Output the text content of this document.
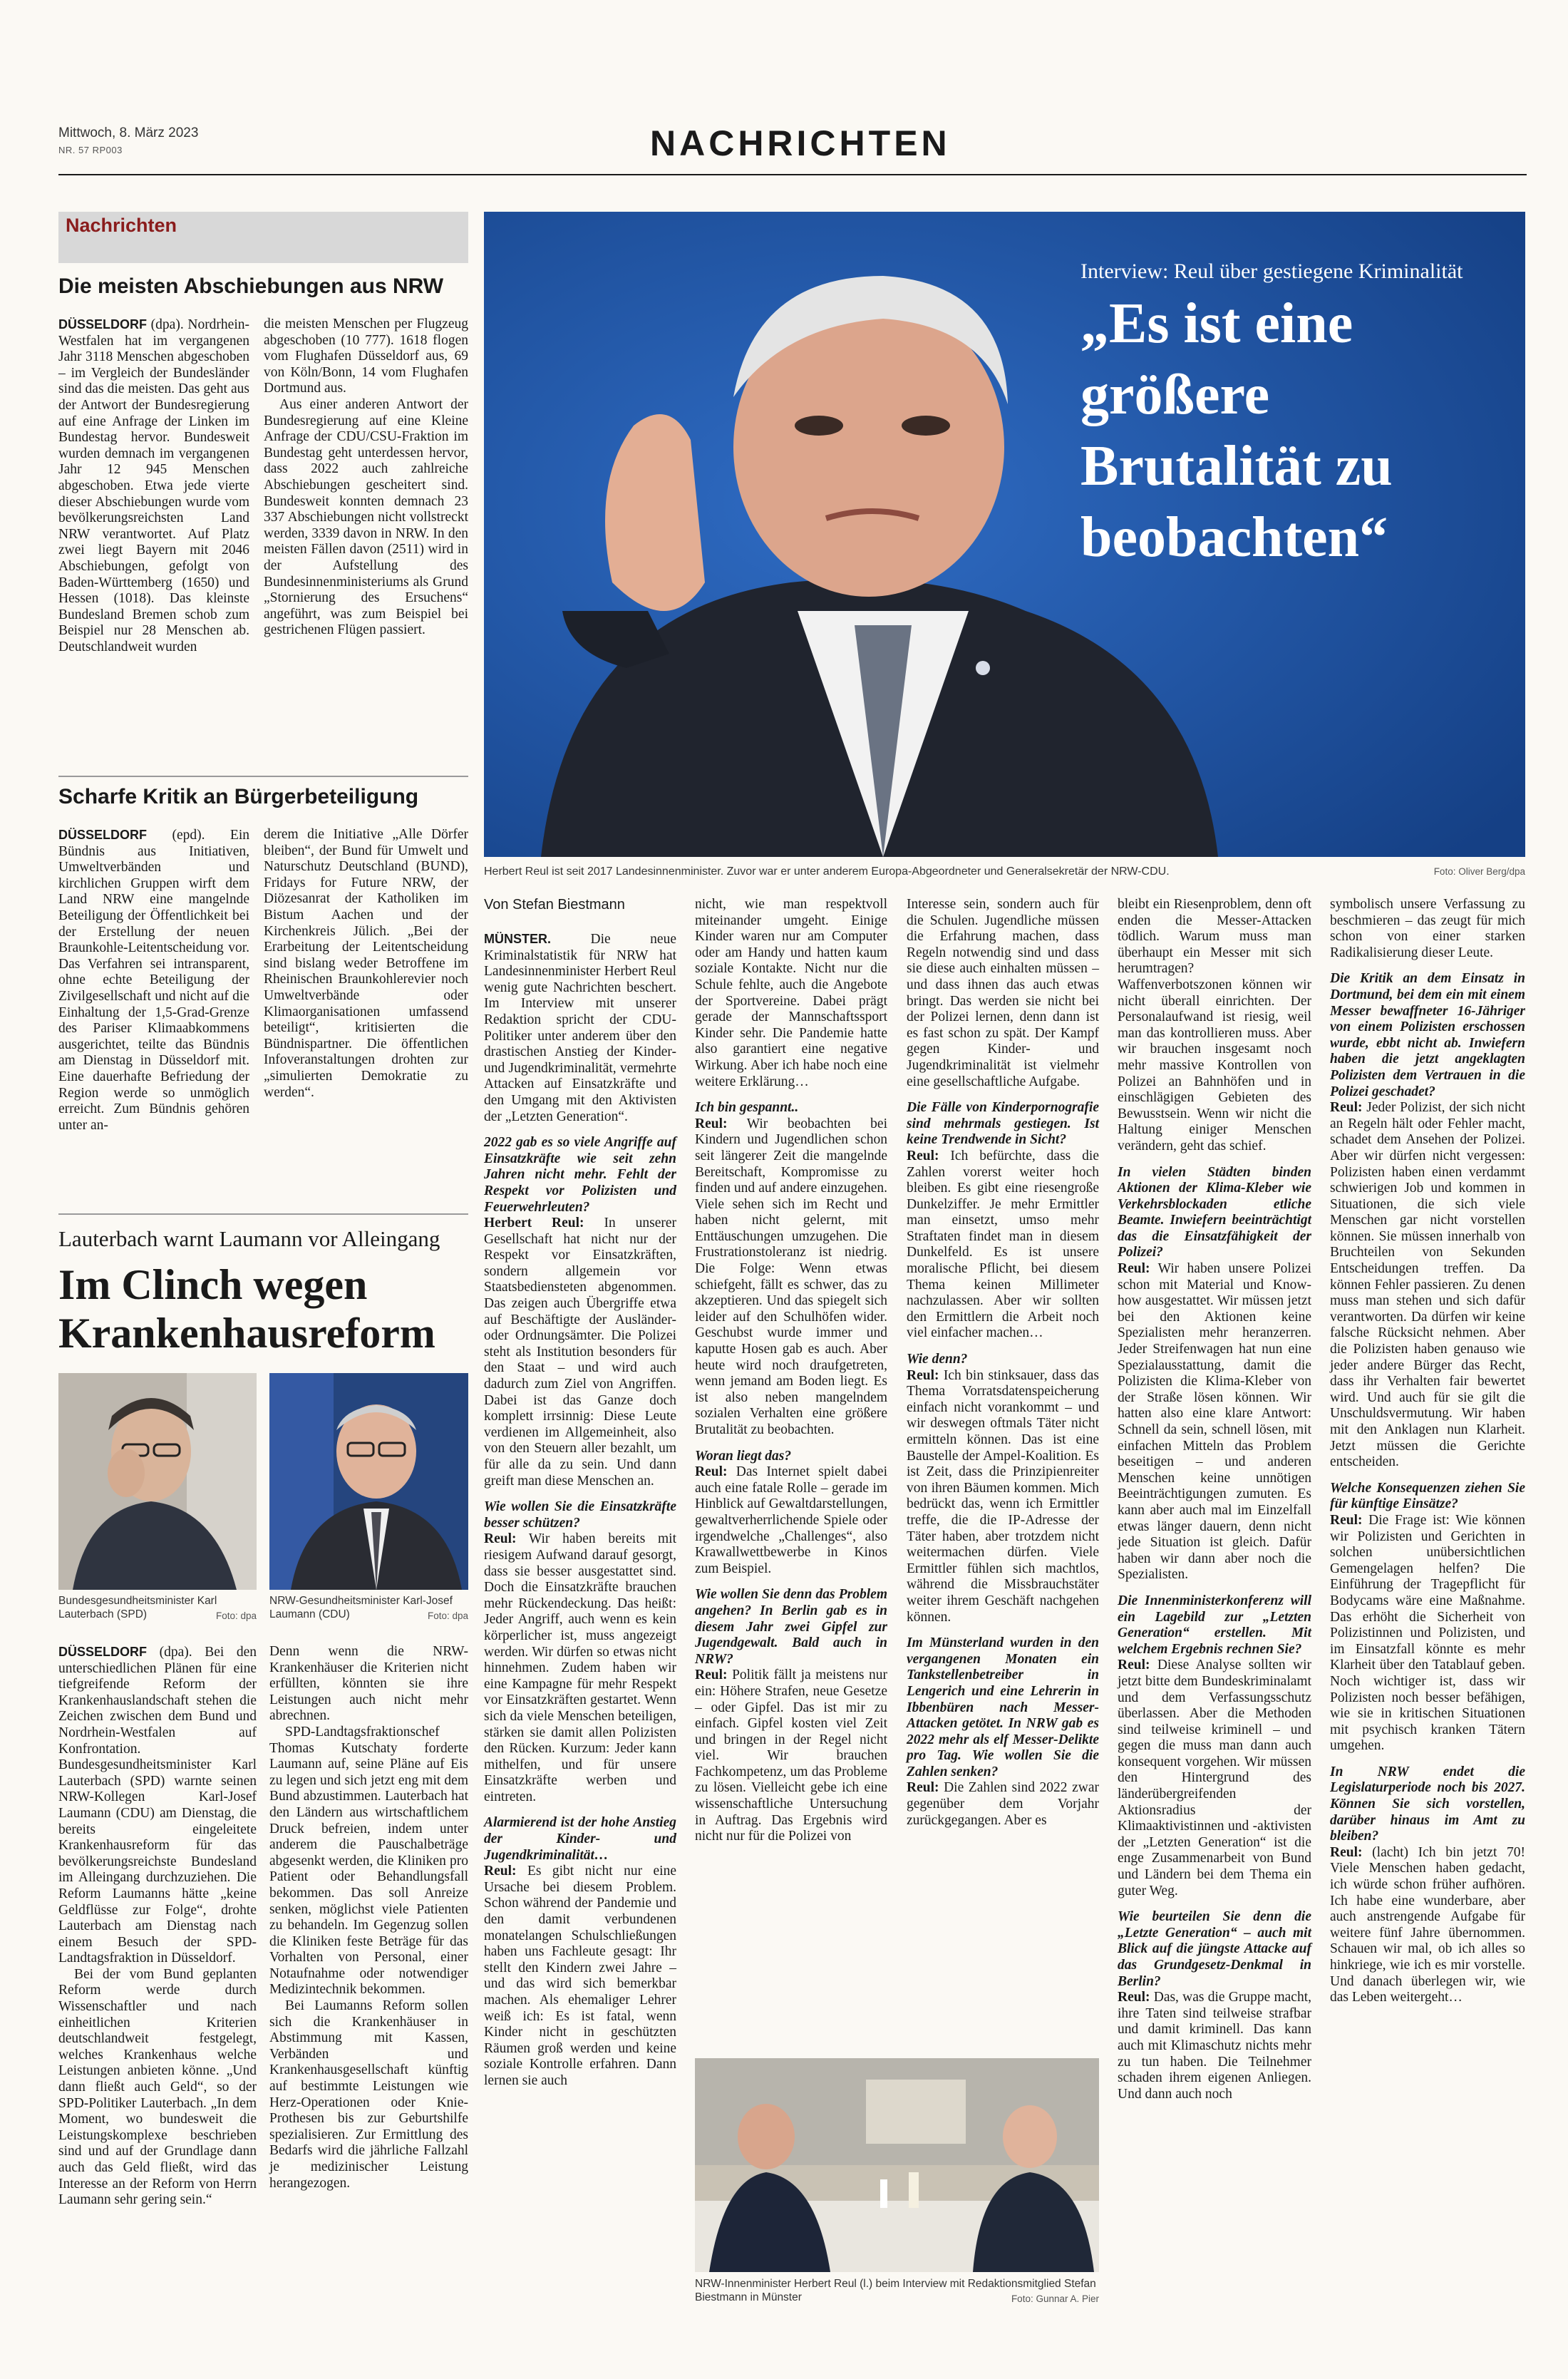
Mittwoch, 8. März 2023
NR. 57 RP003	NACHRICHTEN
Nachrichten
Die meisten Abschiebungen aus NRW

DÜSSELDORF (dpa). Nordrhein-Westfalen hat im vergangenen Jahr 3118 Menschen abgeschoben – im Vergleich der Bundesländer sind das die meisten. Das geht aus der Antwort der Bundesregierung auf eine Anfrage der Linken im Bundestag hervor. Bundesweit wurden demnach im vergangenen Jahr 12 945 Menschen abgeschoben. Etwa jede vierte dieser Abschiebungen wurde vom bevölkerungsreichsten Land NRW verantwortet. Auf Platz zwei liegt Bayern mit 2046 Abschiebungen, gefolgt von Baden-Württemberg (1650) und Hessen (1018). Das kleinste Bundesland Bremen schob zum Beispiel nur 28 Menschen ab. Deutschlandweit wurden

die meisten Menschen per Flugzeug abgeschoben (10 777). 1618 flogen vom Flughafen Düsseldorf aus, 69 von Köln/Bonn, 14 vom Flughafen Dortmund aus.

Aus einer anderen Antwort der Bundesregierung auf eine Kleine Anfrage der CDU/CSU-Fraktion im Bundestag geht unterdessen hervor, dass 2022 auch zahlreiche Abschiebungen gescheitert sind. Bundesweit konnten demnach 23 337 Abschiebungen nicht vollstreckt werden, 3339 davon in NRW. In den meisten Fällen davon (2511) wird in der Aufstellung des Bundesinnenministeriums als Grund „Stornierung des Ersuchens“ angeführt, was zum Beispiel bei gestrichenen Flügen passiert.

Scharfe Kritik an Bürgerbeteiligung

DÜSSELDORF (epd). Ein Bündnis aus Initiativen, Umweltverbänden und kirchlichen Gruppen wirft dem Land NRW eine mangelnde Beteiligung der Öffentlichkeit bei der Erstellung der neuen Braunkohle-Leitentscheidung vor. Das Verfahren sei intransparent, ohne echte Beteiligung der Zivilgesellschaft und nicht auf die Einhaltung der 1,5-Grad-Grenze des Pariser Klimaabkommens ausgerichtet, teilte das Bündnis am Dienstag in Düsseldorf mit. Eine dauerhafte Befriedung der Region werde so unmöglich erreicht. Zum Bündnis gehören unter an-

derem die Initiative „Alle Dörfer bleiben“, der Bund für Umwelt und Naturschutz Deutschland (BUND), Fridays for Future NRW, der Diözesanrat der Katholiken im Bistum Aachen und der Kirchenkreis Jülich. „Bei der Erarbeitung der Leitentscheidung sind bislang weder Betroffene im Rheinischen Braunkohlerevier noch Umweltverbände oder Klimaorganisationen umfassend beteiligt“, kritisierten die Bündnispartner. Die öffentlichen Infoveranstaltungen drohten zur „simulierten Demokratie zu werden“.

Lauterbach warnt Laumann vor Alleingang
Im Clinch wegen Krankenhausreform
Bundesgesundheitsminister Karl Lauterbach (SPD)	Foto: dpa
NRW-Gesundheitsminister Karl-Josef Laumann (CDU)	Foto: dpa

DÜSSELDORF (dpa). Bei den unterschiedlichen Plänen für eine tiefgreifende Reform der Krankenhauslandschaft stehen die Zeichen zwischen dem Bund und Nordrhein-Westfalen auf Konfrontation. Bundesgesundheitsminister Karl Lauterbach (SPD) warnte seinen NRW-Kollegen Karl-Josef Laumann (CDU) am Dienstag, die bereits eingeleitete Krankenhausreform für das bevölkerungsreichste Bundesland im Alleingang durchzuziehen. Die Reform Laumanns hätte „keine Geldflüsse zur Folge“, drohte Lauterbach am Dienstag nach einem Besuch der SPD-Landtagsfraktion in Düsseldorf.

Bei der vom Bund geplanten Reform werde durch Wissenschaftler und nach einheitlichen Kriterien deutschlandweit festgelegt, welches Krankenhaus welche Leistungen anbieten könne. „Und dann fließt auch Geld“, so der SPD-Politiker Lauterbach. „In dem Moment, wo bundesweit die Leistungskomplexe beschrieben sind und auf der Grundlage dann auch das Geld fließt, wird das Interesse an der Reform von Herrn Laumann sehr gering sein.“

Denn wenn die NRW-Krankenhäuser die Kriterien nicht erfüllten, könnten sie ihre Leistungen auch nicht mehr abrechnen.

SPD-Landtagsfraktionschef Thomas Kutschaty forderte Laumann auf, seine Pläne auf Eis zu legen und sich jetzt eng mit dem Bund abzustimmen. Lauterbach hat den Ländern aus wirtschaftlichem Druck befreien, indem unter anderem die Pauschalbeträge abgesenkt werden, die Kliniken pro Patient oder Behandlungsfall bekommen. Das soll Anreize senken, möglichst viele Patienten zu behandeln. Im Gegenzug sollen die Kliniken feste Beträge für das Vorhalten von Personal, einer Notaufnahme oder notwendiger Medizintechnik bekommen.

Bei Laumanns Reform sollen sich die Krankenhäuser in Abstimmung mit Kassen, Verbänden und Krankenhausgesellschaft künftig auf bestimmte Leistungen wie Herz-Operationen oder Knie-Prothesen bis zur Geburtshilfe spezialisieren. Zur Ermittlung des Bedarfs wird die jährliche Fallzahl je medizinischer Leistung herangezogen.

Interview: Reul über gestiegene Kriminalität
„Es ist eine größere Brutalität zu beobachten“
Herbert Reul ist seit 2017 Landesinnenminister. Zuvor war er unter anderem Europa-Abgeordneter und Generalsekretär der NRW-CDU.	Foto: Oliver Berg/dpa
Von Stefan Biestmann

MÜNSTER.	Die neue Kriminalstatistik für NRW hat Landesinnenminister Herbert Reul wenig gute Nachrichten beschert. Im Interview mit unserer Redaktion spricht der CDU-Politiker unter anderem über den drastischen Anstieg der Kinder- und Jugendkriminalität, vermehrte Attacken auf Einsatzkräfte und den Umgang mit den Aktivisten der „Letzten Generation“.

2022 gab es so viele Angriffe auf Einsatzkräfte wie seit zehn Jahren nicht mehr. Fehlt der Respekt vor Polizisten und Feuerwehrleuten?

Herbert Reul: In unserer Gesellschaft hat nicht nur der Respekt vor Einsatzkräften, sondern allgemein vor Staatsbediensteten abgenommen. Das zeigen auch Übergriffe etwa auf Beschäftigte der Ausländer- oder Ordnungsämter. Die Polizei steht als Institution besonders für den Staat – und wird auch dadurch zum Ziel von Angriffen. Dabei ist das Ganze doch komplett irrsinnig: Diese Leute verdienen im Allgemeinheit, also von den Steuern aller bezahlt, um für alle da zu sein. Und dann greift man diese Menschen an.

Wie wollen Sie die Einsatzkräfte besser schützen?

Reul: Wir haben bereits mit riesigem Aufwand darauf gesorgt, dass sie besser ausgestattet sind. Doch die Einsatzkräfte brauchen mehr Rückendeckung. Das heißt: Jeder Angriff, auch wenn es kein körperlicher ist, muss angezeigt werden. Wir dürfen so etwas nicht hinnehmen. Zudem haben wir eine Kampagne für mehr Respekt vor Einsatzkräften gestartet. Wenn sich da viele Menschen beteiligen, stärken sie damit allen Polizisten den Rücken. Kurzum: Jeder kann mithelfen, und für unsere Einsatzkräfte werben und eintreten.

Alarmierend ist der hohe Anstieg der Kinder- und Jugendkriminalität…

Reul: Es gibt nicht nur eine Ursache bei diesem Problem. Schon während der Pandemie und den damit verbundenen monatelangen Schulschließungen haben uns Fachleute gesagt: Ihr stellt den Kindern zwei Jahre – und das wird sich bemerkbar machen. Als ehemaliger Lehrer weiß ich: Es ist fatal, wenn Kinder nicht in geschützten Räumen groß werden und keine soziale Kontrolle erfahren. Dann lernen sie auch

nicht, wie man respektvoll miteinander umgeht. Einige Kinder waren nur am Computer oder am Handy und hatten kaum soziale Kontakte. Nicht nur die Schule fehlte, auch die Angebote der Sportvereine. Dabei prägt gerade der Mannschaftssport Kinder sehr. Die Pandemie hatte also garantiert eine negative Wirkung. Aber ich habe noch eine weitere Erklärung…

Ich bin gespannt..

Reul: Wir beobachten bei Kindern und Jugendlichen schon seit längerer Zeit die mangelnde Bereitschaft, Kompromisse zu finden und auf andere einzugehen. Viele sehen sich im Recht und haben nicht gelernt, mit Enttäuschungen umzugehen. Die Frustrationstoleranz ist niedrig. Die Folge: Wenn etwas schiefgeht, fällt es schwer, das zu akzeptieren. Und das spiegelt sich leider auf den Schulhöfen wider. Geschubst wurde immer und kaputte Hosen gab es auch. Aber heute wird noch draufgetreten, wenn jemand am Boden liegt. Es ist also neben mangelndem sozialen Verhalten eine größere Brutalität zu beobachten.

Woran liegt das?

Reul: Das Internet spielt dabei auch eine fatale Rolle – gerade im Hinblick auf Gewaltdarstellungen, gewaltverherrlichende Spiele oder irgendwelche „Challenges“, also Krawallwettbewerbe in Kinos zum Beispiel.

Wie wollen Sie denn das Problem angehen? In Berlin gab es in diesem Jahr zwei Gipfel zur Jugendgewalt. Bald auch in NRW?

Reul: Politik fällt ja meistens nur ein: Höhere Strafen, neue Gesetze – oder Gipfel. Das ist mir zu einfach. Gipfel kosten viel Zeit und bringen in der Regel nicht viel. Wir brauchen Fachkompetenz, um das Probleme zu lösen. Vielleicht gebe ich eine wissenschaftliche Untersuchung in Auftrag. Das Ergebnis wird nicht nur für die Polizei von

Interesse sein, sondern auch für die Schulen. Jugendliche müssen die Erfahrung machen, dass Regeln notwendig sind und dass sie diese auch einhalten müssen – und dass ihnen das auch etwas bringt. Das werden sie nicht bei der Polizei lernen, denn dann ist es fast schon zu spät. Der Kampf gegen Kinder- und Jugendkriminalität ist vielmehr eine gesellschaftliche Aufgabe.

Die Fälle von Kinderpornografie sind mehrmals gestiegen. Ist keine Trendwende in Sicht?

Reul: Ich befürchte, dass die Zahlen vorerst weiter hoch bleiben. Es gibt eine riesengroße Dunkelziffer. Je mehr Ermittler man einsetzt, umso mehr Straftaten findet man in diesem Dunkelfeld. Es ist unsere moralische Pflicht, bei diesem Thema keinen Millimeter nachzulassen. Aber wir sollten den Ermittlern die Arbeit noch viel einfacher machen…

Wie denn?

Reul: Ich bin stinksauer, dass das Thema Vorratsdatenspeicherung einfach nicht vorankommt – und wir deswegen oftmals Täter nicht ermitteln können. Das ist eine Baustelle der Ampel-Koalition. Es ist Zeit, dass die Prinzipienreiter von ihren Bäumen kommen. Mich bedrückt das, wenn ich Ermittler treffe, die die IP-Adresse der Täter haben, aber trotzdem nicht weitermachen dürfen. Viele Ermittler fühlen sich machtlos, während die Missbrauchstäter weiter ihrem Geschäft nachgehen können.

Im Münsterland wurden in den vergangenen Monaten ein Tankstellenbetreiber in Lengerich und eine Lehrerin in Ibbenbüren nach Messer-Attacken getötet. In NRW gab es 2022 mehr als elf Messer-Delikte pro Tag. Wie wollen Sie die Zahlen senken?

Reul: Die Zahlen sind 2022 zwar gegenüber dem Vorjahr zurückgegangen. Aber es

bleibt ein Riesenproblem, denn oft enden die Messer-Attacken tödlich. Warum muss man überhaupt ein Messer mit sich herumtragen? Waffenverbotszonen können wir nicht überall einrichten. Der Personalaufwand ist riesig, weil man das kontrollieren muss. Aber wir brauchen insgesamt noch mehr massive Kontrollen von Polizei an Bahnhöfen und in einschlägigen Gebieten des Bewusstsein. Wenn wir nicht die Haltung einiger Menschen verändern, geht das schief.

In vielen Städten binden Aktionen der Klima-Kleber wie Verkehrsblockaden etliche Beamte. Inwiefern beeinträchtigt das die Einsatzfähigkeit der Polizei?

Reul: Wir haben unsere Polizei schon mit Material und Know-how ausgestattet. Wir müssen jetzt bei den Aktionen keine Spezialisten mehr heranzerren. Jeder Streifenwagen hat nun eine Spezialausstattung, damit die Polizisten die Klima-Kleber von der Straße lösen können. Wir hatten also eine klare Antwort: Schnell da sein, schnell lösen, mit einfachen Mitteln das Problem beseitigen – und anderen Menschen keine unnötigen Beeinträchtigungen zumuten. Es kann aber auch mal im Einzelfall etwas länger dauern, denn nicht jede Situation ist gleich. Dafür haben wir dann aber noch die Spezialisten.

Die Innenministerkonferenz will ein Lagebild zur „Letzten Generation“ erstellen. Mit welchem Ergebnis rechnen Sie?

Reul: Diese Analyse sollten wir jetzt bitte dem Bundeskriminalamt und dem Verfassungsschutz überlassen. Aber die Methoden sind teilweise kriminell – und gegen die muss man dann auch konsequent vorgehen. Wir müssen den Hintergrund des länderübergreifenden Aktionsradius der Klimaaktivistinnen und -aktivisten der „Letzten Generation“ ist die enge Zusammenarbeit von Bund und Ländern bei dem Thema ein guter Weg.

Wie beurteilen Sie denn die „Letzte Generation“ – auch mit Blick auf die jüngste Attacke auf das Grundgesetz-Denkmal in Berlin?

Reul: Das, was die Gruppe macht, ihre Taten sind teilweise strafbar und damit kriminell. Das kann auch mit Klimaschutz nichts mehr zu tun haben. Die Teilnehmer schaden ihrem eigenen Anliegen. Und dann auch noch

symbolisch unsere Verfassung zu beschmieren – das zeugt für mich schon von einer starken Radikalisierung dieser Leute.

Die Kritik an dem Einsatz in Dortmund, bei dem ein mit einem Messer bewaffneter 16-Jähriger von einem Polizisten erschossen wurde, ebbt nicht ab. Inwiefern haben die jetzt angeklagten Polizisten dem Vertrauen in die Polizei geschadet?

Reul: Jeder Polizist, der sich nicht an Regeln hält oder Fehler macht, schadet dem Ansehen der Polizei. Aber wir dürfen nicht vergessen: Polizisten haben einen verdammt schwierigen Job und kommen in Situationen, die sich viele Menschen gar nicht vorstellen können. Sie müssen innerhalb von Bruchteilen von Sekunden Entscheidungen treffen. Da können Fehler passieren. Zu denen muss man stehen und sich dafür verantworten. Da dürfen wir keine falsche Rücksicht nehmen. Aber die Polizisten haben genauso wie jeder andere Bürger das Recht, dass ihr Verhalten fair bewertet wird. Und auch für sie gilt die Unschuldsvermutung. Wir haben mit den Anklagen nun Klarheit. Jetzt müssen die Gerichte entscheiden.

Welche Konsequenzen ziehen Sie für künftige Einsätze?

Reul: Die Frage ist: Wie können wir Polizisten und Gerichten in solchen unübersichtlichen Gemengelagen helfen? Die Einführung der Tragepflicht für Bodycams wäre eine Maßnahme. Das erhöht die Sicherheit von Polizistinnen und Polizisten, und im Einsatzfall könnte es mehr Klarheit über den Tatablauf geben. Noch wichtiger ist, dass wir Polizisten noch besser befähigen, wie sie in kritischen Situationen mit psychisch kranken Tätern umgehen.

In NRW endet die Legislaturperiode noch bis 2027. Können Sie sich vorstellen, darüber hinaus im Amt zu bleiben?

Reul: (lacht) Ich bin jetzt 70! Viele Menschen haben gedacht, ich würde schon früher aufhören. Ich habe eine wunderbare, aber auch anstrengende Aufgabe für weitere fünf Jahre übernommen. Schauen wir mal, ob ich alles so hinkriege, wie ich es mir vorstelle. Und danach überlegen wir, wie das Leben weitergeht…

NRW-Innenminister Herbert Reul (l.) beim Interview mit Redaktionsmitglied Stefan Biestmann in Münster	Foto: Gunnar A. Pier
